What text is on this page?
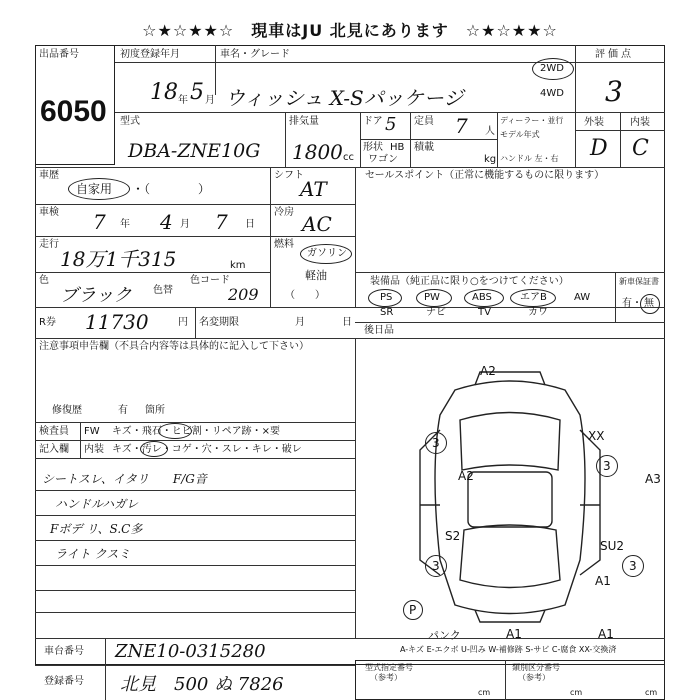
☆★☆★★☆　現車はJU 北見にあります　☆★☆★★☆
出品番号
6050
初度登録年月	車名・グレード
18 年 5 月 ウィッシュ X-Sパッケージ
2WD
4WD
評価点
3
型式
DBA-ZNE10G
排気量
1800 cc
ドア 5
形状 HB
ワゴン
定員 7 人
積載
kg
ディーラー・並行
モデル年式
ハンドル 左・右
外装	内装
D C
車歴
自家用 ・（　　　　）
シフト
AT
車検 7 年 4 月 7 日
冷房 AC
走行
18万1千315	km
燃料
ガソリン
軽油
（　　）
色
ブラック 色替
色コード
209
セールスポイント（正常に機能するものに限ります）
装備品（純正品に限り○をつけてください）	新車保証書
有・ 無
PS	PW	ABS	エアB	AW
SR	ナビ	TV	カワ
後日品
R券 11730	円 名変期限	月	日
注意事項申告欄（不具合内容等は具体的に記入して下さい）
修復歴	有 箇所
検査員
記入欄
FW キズ・飛石・ヒビ割・リペア跡・×要
内装 キズ・汚レ・コゲ・穴・スレ・キレ・破レ
シートスレ、イタリ　　F/G音
ハンドルハガレ
Fボデ リ、S.C多
ライト クスミ
A2
XX
3
3
A2	A3
S2
3	3
SU2
A1
P
パンク	A1	A1
A-キズ E-エクボ U-凹み W-補修跡 S-サビ C-腐食 XX-交換済
車台番号 ZNE10-0315280
登録番号 北見　500 ぬ 7826
型式指定番号
（参考）
類別区分番号
（参考）
cm	cm	cm
